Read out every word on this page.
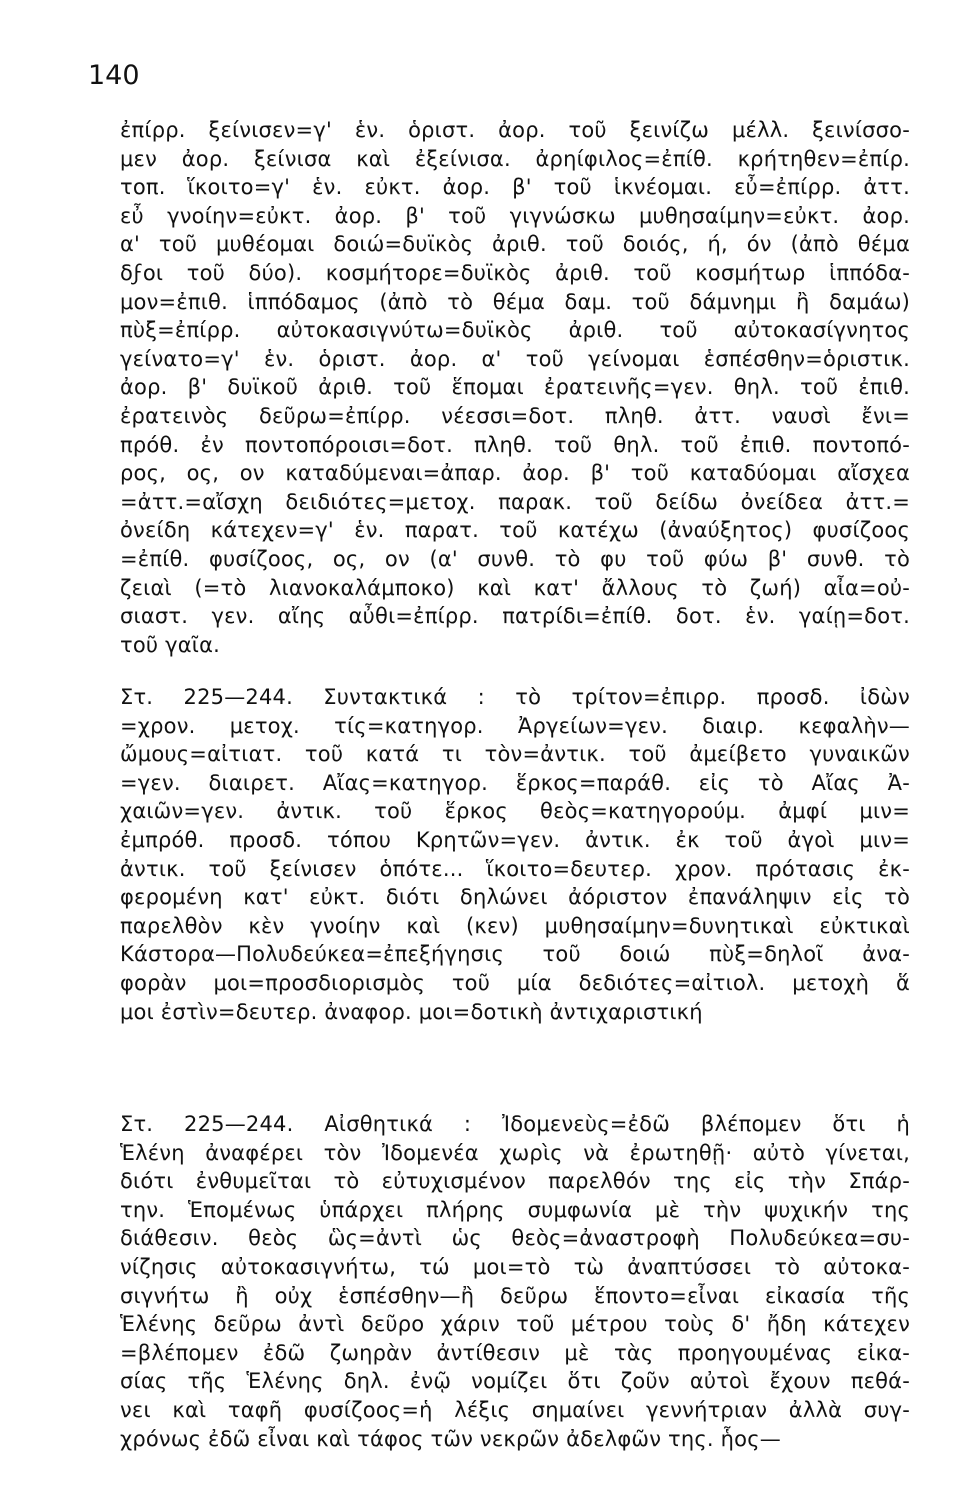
140
ἐπίρρ. ξείνισεν=γ' ἑν. ὁριστ. ἀορ. τοῦ ξεινίζω μέλλ. ξεινίσσο-
μεν ἀορ. ξείνισα καὶ ἐξείνισα. ἀρηίφιλος=ἐπίθ. κρήτηθεν=ἐπίρ.
τοπ. ἵκοιτο=γ' ἑν. εὐκτ. ἀορ. β' τοῦ ἱκνέομαι. εὖ=ἐπίρρ. ἀττ.
εὖ γνοίην=εὐκτ. ἀορ. β' τοῦ γιγνώσκω μυθησαίμην=εὐκτ. ἀορ.
α' τοῦ μυθέομαι δοιώ=δυϊκὸς ἀριθ. τοῦ δοιός, ή, όν (ἀπὸ θέμα
δϝοι τοῦ δύο). κοσμήτορε=δυϊκὸς ἀριθ. τοῦ κοσμήτωρ ἱππόδα-
μον=ἐπιθ. ἱππόδαμος (ἀπὸ τὸ θέμα δαμ. τοῦ δάμνημι ἢ δαμάω)
πὺξ=ἐπίρρ. αὐτοκασιγνύτω=δυϊκὸς ἀριθ. τοῦ αὐτοκασίγνητος
γείνατο=γ' ἑν. ὁριστ. ἀορ. α' τοῦ γείνομαι ἑσπέσθην=ὁριστικ.
ἀορ. β' δυϊκοῦ ἀριθ. τοῦ ἕπομαι ἐρατεινῆς=γεν. θηλ. τοῦ ἐπιθ.
ἐρατεινὸς δεῦρω=ἐπίρρ. νέεσσι=δοτ. πληθ. ἀττ. ναυσὶ ἔνι=
πρόθ. ἐν ποντοπόροισι=δοτ. πληθ. τοῦ θηλ. τοῦ ἐπιθ. ποντοπό-
ρος, ος, ον καταδύμεναι=ἀπαρ. ἀορ. β' τοῦ καταδύομαι αἴσχεα
=ἀττ.=αἴσχη δειδιότες=μετοχ. παρακ. τοῦ δείδω ὀνείδεα ἀττ.=
ὀνείδη κάτεχεν=γ' ἑν. παρατ. τοῦ κατέχω (ἀναύξητος) φυσίζοος
=ἐπίθ. φυσίζοος, ος, ον (α' συνθ. τὸ φυ τοῦ φύω β' συνθ. τὸ
ζειαὶ (=τὸ λιανοκαλάμποκο) καὶ κατ' ἄλλους τὸ ζωή) αἶα=οὐ-
σιαστ. γεν. αἴης αὖθι=ἐπίρρ. πατρίδι=ἐπίθ. δοτ. ἑν. γαίῃ=δοτ.
τοῦ γαῖα.
Στ. 225—244. Συντακτικά : τὸ τρίτον=ἐπιρρ. προσδ. ἰδὼν
=χρον. μετοχ. τίς=κατηγορ. Ἀργείων=γεν. διαιρ. κεφαλὴν—
ὤμους=αἰτιατ. τοῦ κατά τι τὸν=ἀντικ. τοῦ ἀμείβετο γυναικῶν
=γεν. διαιρετ. Αἴας=κατηγορ. ἕρκος=παράθ. εἰς τὸ Αἴας Ἀ-
χαιῶν=γεν. ἀντικ. τοῦ ἕρκος θεὸς=κατηγορούμ. ἀμφί μιν=
ἐμπρόθ. προσδ. τόπου Κρητῶν=γεν. ἀντικ. ἐκ τοῦ ἀγοὶ μιν=
ἀντικ. τοῦ ξείνισεν ὁπότε... ἵκοιτο=δευτερ. χρον. πρότασις ἐκ-
φερομένη κατ' εὐκτ. διότι δηλώνει ἀόριστον ἐπανάληψιν εἰς τὸ
παρελθὸν κὲν γνοίην καὶ (κεν) μυθησαίμην=δυνητικαὶ εὐκτικαὶ
Κάστορα—Πολυδεύκεα=ἐπεξήγησις τοῦ δοιώ πὺξ=δηλοῖ ἀνα-
φορὰν μοι=προσδιορισμὸς τοῦ μία δεδιότες=αἰτιολ. μετοχὴ ἅ
μοι ἐστὶν=δευτερ. ἀναφορ. μοι=δοτικὴ ἀντιχαριστική
Στ. 225—244. Αἰσθητικά : Ἰδομενεὺς=ἐδῶ βλέπομεν ὅτι ἡ
Ἑλένη ἀναφέρει τὸν Ἰδομενέα χωρὶς νὰ ἐρωτηθῇ· αὐτὸ γίνεται,
διότι ἐνθυμεῖται τὸ εὐτυχισμένον παρελθόν της εἰς τὴν Σπάρ-
την. Ἑπομένως ὑπάρχει πλήρης συμφωνία μὲ τὴν ψυχικήν της
διάθεσιν. θεὸς ὣς=ἀντὶ ὡς θεὸς=ἀναστροφὴ Πολυδεύκεα=συ-
νίζησις αὐτοκασιγνήτω, τώ μοι=τὸ τὼ ἀναπτύσσει τὸ αὐτοκα-
σιγνήτω ἢ οὐχ ἑσπέσθην—ἢ δεῦρω ἕποντο=εἶναι εἰκασία τῆς
Ἑλένης δεῦρω ἀντὶ δεῦρο χάριν τοῦ μέτρου τοὺς δ' ἤδη κάτεχεν
=βλέπομεν ἐδῶ ζωηρὰν ἀντίθεσιν μὲ τὰς προηγουμένας εἰκα-
σίας τῆς Ἑλένης δηλ. ἐνῷ νομίζει ὅτι ζοῦν αὐτοὶ ἔχουν πεθά-
νει καὶ ταφῆ φυσίζοος=ἡ λέξις σημαίνει γεννήτριαν ἀλλὰ συγ-
χρόνως ἐδῶ εἶναι καὶ τάφος τῶν νεκρῶν ἀδελφῶν της. ἧος—
